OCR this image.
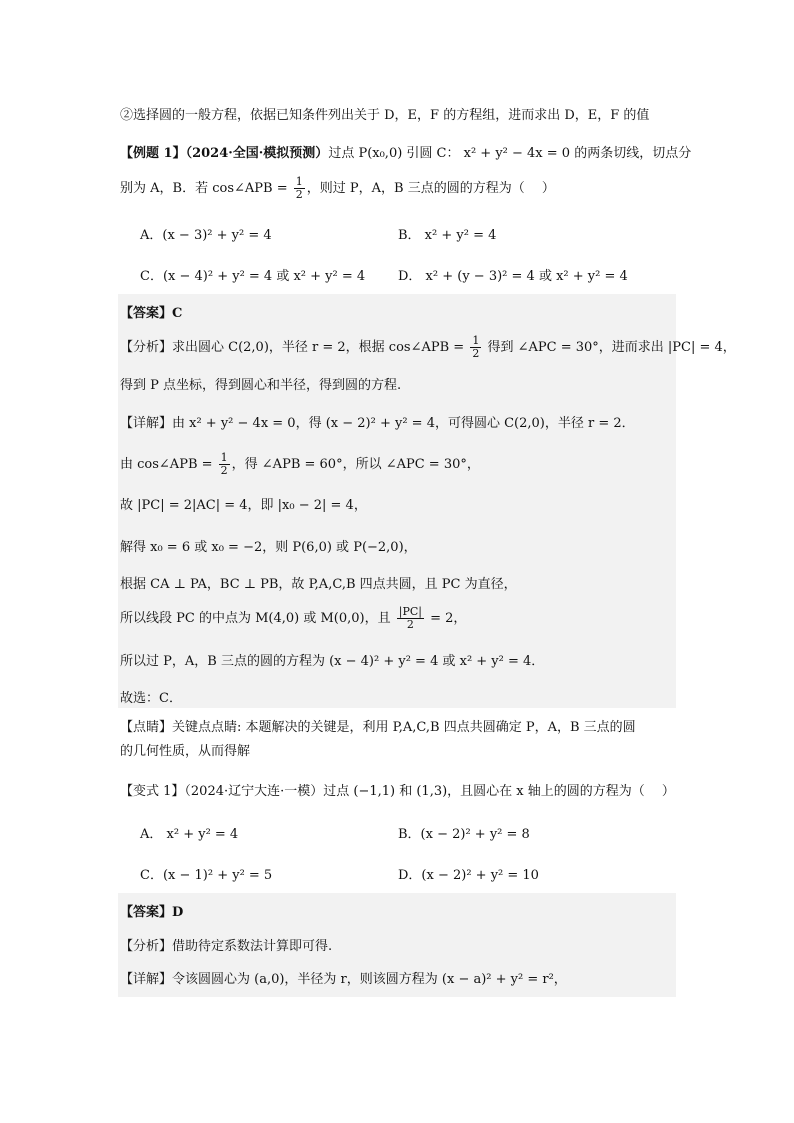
②选择圆的一般方程，依据已知条件列出关于 D，E，F 的方程组，进而求出 D，E，F 的值
【例题 1】（2024·全国·模拟预测）过点 P(x₀,0) 引圆 C： x² + y² − 4x = 0 的两条切线，切点分
别为 A，B．若 cos∠APB = $\frac{1}{2}$ ，则过 P，A，B 三点的圆的方程为（　 ）
A．(x − 3)² + y² = 4	B． x² + y² = 4
C．(x − 4)² + y² = 4 或 x² + y² = 4	D． x² + (y − 3)² = 4 或 x² + y² = 4
【答案】C
【分析】求出圆心 C(2,0)，半径 r = 2，根据 cos∠APB = $\frac{1}{2}$ 得到 ∠APC = 30°，进而求出 |PC| = 4，
得到 P 点坐标，得到圆心和半径，得到圆的方程.
【详解】由 x² + y² − 4x = 0，得 (x − 2)² + y² = 4，可得圆心 C(2,0)，半径 r = 2．
由 cos∠APB = $\frac{1}{2}$ ，得 ∠APB = 60°，所以 ∠APC = 30°，
故 |PC| = 2|AC| = 4，即 |x₀ − 2| = 4，
解得 x₀ = 6 或 x₀ = −2，则 P(6,0) 或 P(−2,0)，
根据 CA ⊥ PA，BC ⊥ PB，故 P,A,C,B 四点共圆，且 PC 为直径，
所以线段 PC 的中点为 M(4,0) 或 M(0,0)，且 $\frac{|PC|}{2} = 2$，
所以过 P，A，B 三点的圆的方程为 (x − 4)² + y² = 4 或 x² + y² = 4．
故选：C．
【点睛】关键点点睛: 本题解决的关键是，利用 P,A,C,B 四点共圆确定 P，A，B 三点的圆
的几何性质，从而得解
【变式 1】（2024·辽宁大连·一模）过点 (−1,1) 和 (1,3)，且圆心在 x 轴上的圆的方程为（　 ）
A． x² + y² = 4	B．(x − 2)² + y² = 8
C．(x − 1)² + y² = 5	D．(x − 2)² + y² = 10
【答案】D
【分析】借助待定系数法计算即可得.
【详解】令该圆圆心为 (a,0)，半径为 r，则该圆方程为 (x − a)² + y² = r²，
